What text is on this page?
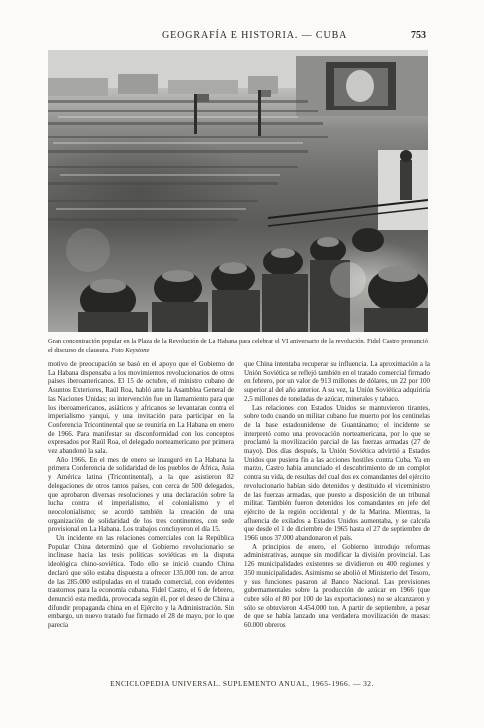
GEOGRAFÍA E HISTORIA. — CUBA	753
Gran concentración popular en la Plaza de la Revolución de La Habana para celebrar el VI aniversario de la revolución. Fidel Castro pronunció el discurso de clausura. Foto Keystone

motivo de preocupación se basó en el apoyo que el Gobierno de La Habana dispensaba a los movimientos revolucionarios de otros países iberoamericanos. El 15 de octubre, el ministro cubano de Asuntos Exteriores, Raúl Roa, habló ante la Asamblea General de las Naciones Unidas; su intervención fue un llamamiento para que los iberoamericanos, asiáticos y africanos se levantaran contra el imperialismo yanqui, y una invitación para participar en la Conferencia Tricontinental que se reuniría en La Habana en enero de 1966. Para manifestar su disconformidad con los conceptos expresados por Raúl Roa, el delegado norteamericano por primera vez abandonó la sala.

Año 1966. En el mes de enero se inauguró en La Habana la primera Conferencia de solidaridad de los pueblos de África, Asia y América latina (Tricontinental), a la que asistieron 82 delegaciones de otros tantos países, con cerca de 500 delegados, que aprobaron diversas resoluciones y una declaración sobre la lucha contra el imperialismo, el colonialismo y el neocolonialismo; se acordó también la creación de una organización de solidaridad de los tres continentes, con sede provisional en La Habana. Los trabajos concluyeron el día 15.

Un incidente en las relaciones comerciales con la República Popular China determinó que el Gobierno revolucionario se inclinase hacia las tesis políticas soviéticas en la disputa ideológica chino-soviética. Todo ello se inició cuando China declaró que sólo estaba dispuesta a ofrecer 135.000 ton. de arroz de las 285.000 estipuladas en el tratado comercial, con evidentes trastornos para la economía cubana. Fidel Castro, el 6 de febrero, denunció esta medida, provocada según él, por el deseo de China a difundir propaganda china en el Ejército y la Administración. Sin embargo, un nuevo tratado fue firmado el 28 de mayo, por lo que parecía

que China intentaba recuperar su influencia. La aproximación a la Unión Soviética se reflejó también en el tratado comercial firmado en febrero, por un valor de 913 millones de dólares, un 22 por 100 superior al del año anterior. A su vez, la Unión Soviética adquiriría 2,5 millones de toneladas de azúcar, minerales y tabaco.

Las relaciones con Estados Unidos se mantuvieron tirantes, sobre todo cuando un militar cubano fue muerto por los centinelas de la base estadounidense de Guantánamo; el incidente se interpretó como una provocación norteamericana, por lo que se proclamó la movilización parcial de las fuerzas armadas (27 de mayo). Dos días después, la Unión Soviética advirtió a Estados Unidos que pusiera fin a las acciones hostiles contra Cuba. Ya en marzo, Castro había anunciado el descubrimiento de un complot contra su vida, de resultas del cual dos ex comandantes del ejército revolucionario habían sido detenidos y destituido el viceministro de las fuerzas armadas, que puesto a disposición de un tribunal militar. También fueron detenidos los comandantes en jefe del ejército de la región occidental y de la Marina. Mientras, la afluencia de exilados a Estados Unidos aumentaba, y se calcula que desde el 1 de diciembre de 1965 hasta el 27 de septiembre de 1966 unos 37.000 abandonaron el país.

A principios de enero, el Gobierno introdujo reformas administrativas, aunque sin modificar la división provincial. Las 126 municipalidades existentes se dividieron en 400 regiones y 350 municipalidades. Asimismo se abolió el Ministerio del Tesoro, y sus funciones pasaron al Banco Nacional. Las previsiones gubernamentales sobre la producción de azúcar en 1966 (que cubre sólo el 80 por 100 de las exportaciones) no se alcanzaron y sólo se obtuvieron 4.454.000 ton. A partir de septiembre, a pesar de que se había lanzado una verdadera movilización de masas: 60.000 obreros

ENCICLOPEDIA UNIVERSAL. SUPLEMENTO ANUAL, 1965-1966. — 32.
